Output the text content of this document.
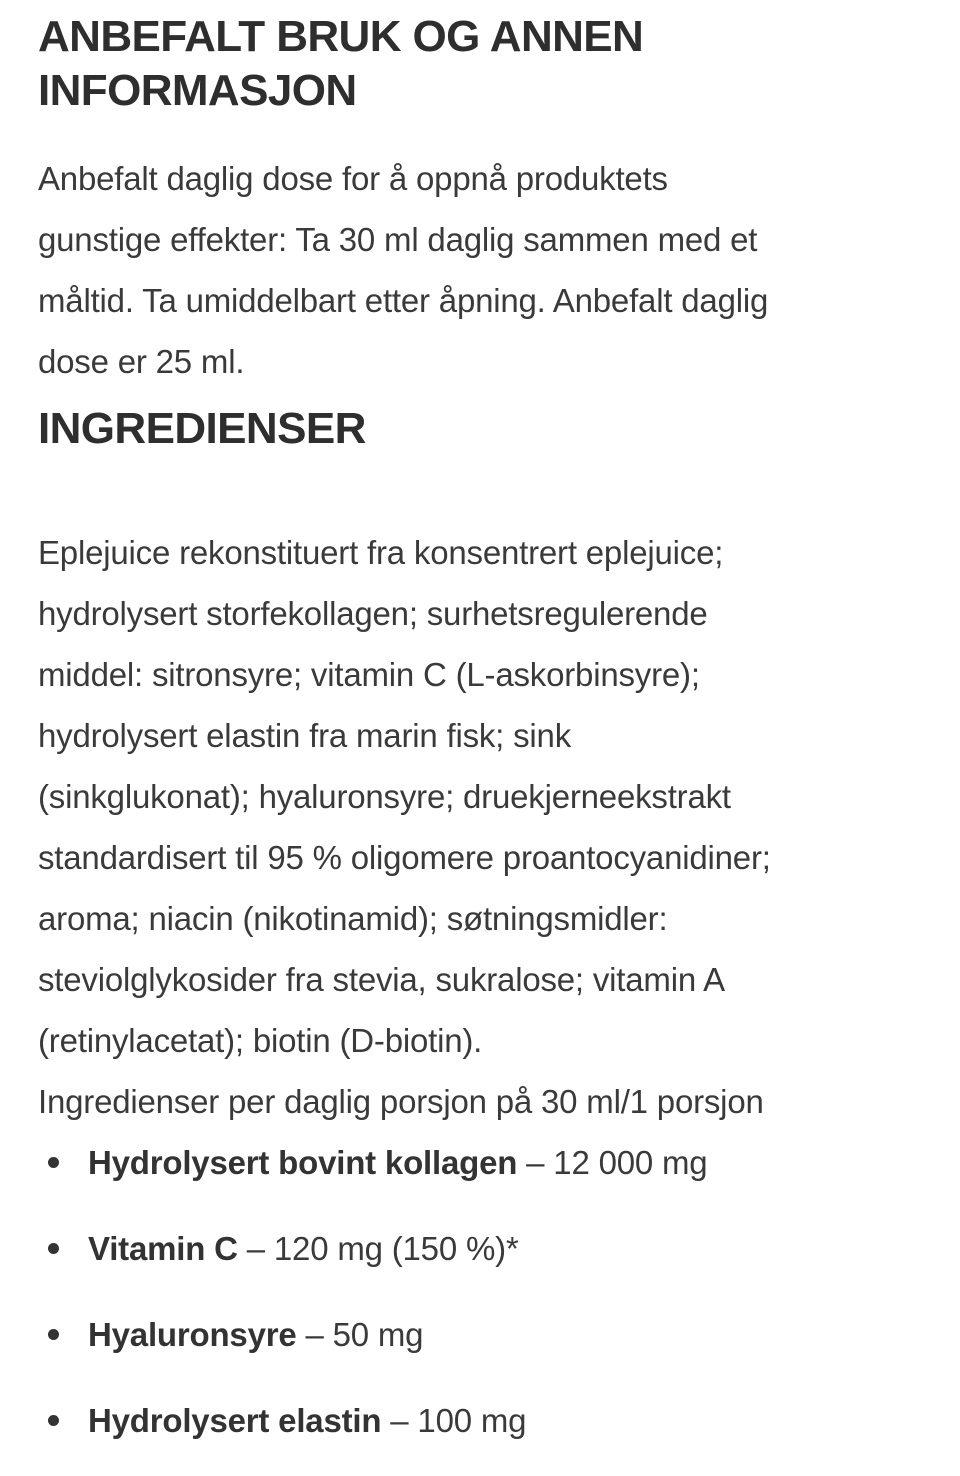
ANBEFALT BRUK OG ANNEN
INFORMASJON

Anbefalt daglig dose for å oppnå produktets
gunstige effekter: Ta 30 ml daglig sammen med et
måltid. Ta umiddelbart etter åpning. Anbefalt daglig
dose er 25 ml.

INGREDIENSER

Eplejuice rekonstituert fra konsentrert eplejuice;
hydrolysert storfekollagen; surhetsregulerende
middel: sitronsyre; vitamin C (L-askorbinsyre);
hydrolysert elastin fra marin fisk; sink
(sinkglukonat); hyaluronsyre; druekjerneekstrakt
standardisert til 95 % oligomere proantocyanidiner;
aroma; niacin (nikotinamid); søtningsmidler:
steviolglykosider fra stevia, sukralose; vitamin A
(retinylacetat); biotin (D-biotin).

Ingredienser per daglig porsjon på 30 ml/1 porsjon

Hydrolysert bovint kollagen – 12 000 mg
Vitamin C – 120 mg (150 %)*
Hyaluronsyre – 50 mg
Hydrolysert elastin – 100 mg
